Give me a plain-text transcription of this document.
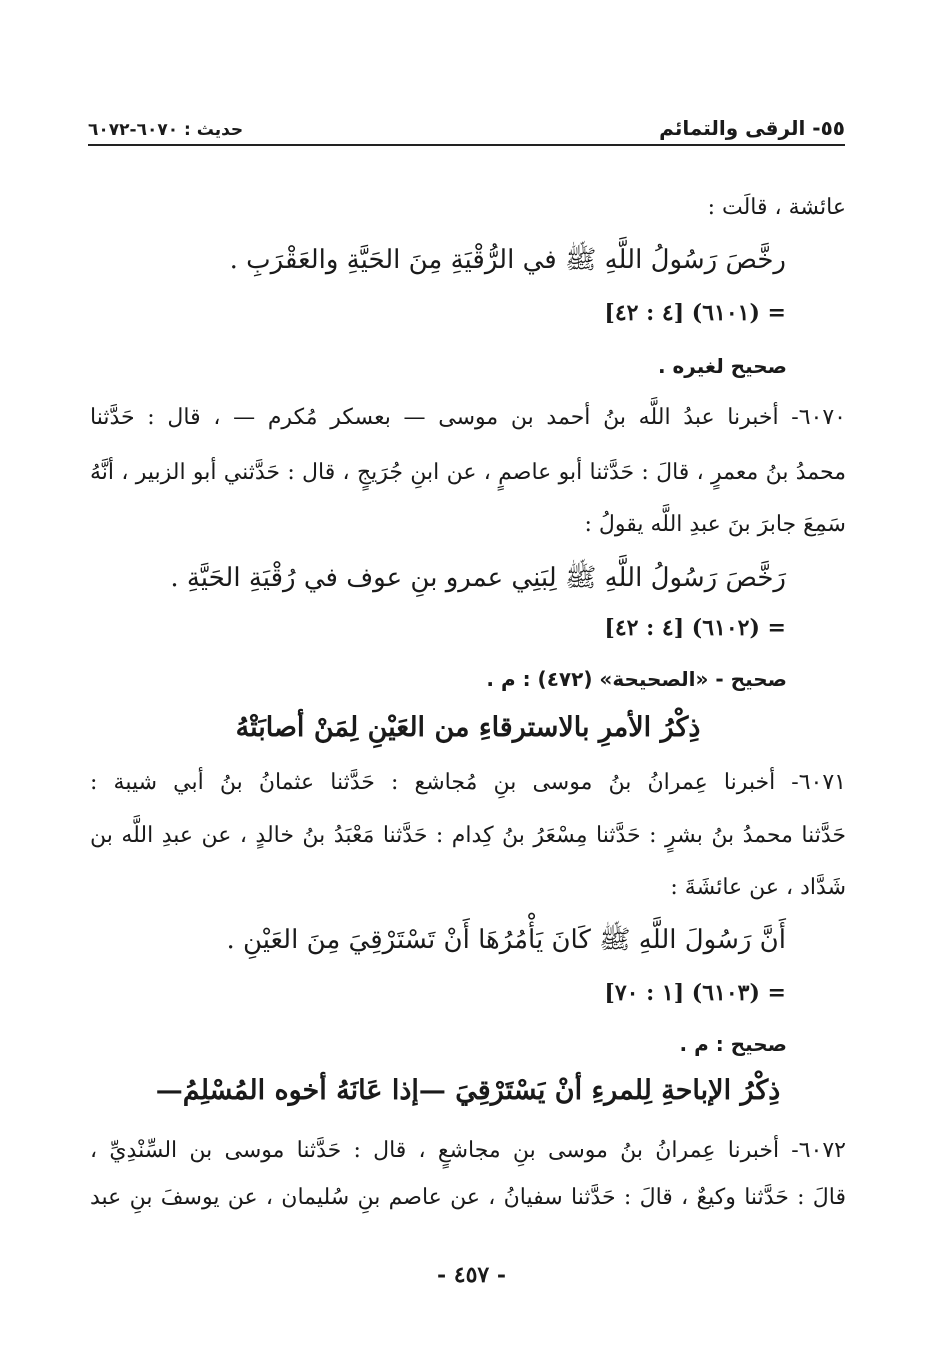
٥٥- الرقى والتمائم
حديث : ٦٠٧٠-٦٠٧٢
عائشة ، قالَت :
رخَّصَ رَسُولُ اللَّهِ ﷺ في الرُّقْيَةِ مِنَ الحَيَّةِ والعَقْرَبِ .
= (٦١٠١) [٤ : ٤٢]
صحيح لغيره .
٦٠٧٠- أخبرنا عبدُ اللَّه بنُ أحمد بن موسى — بعسكر مُكرم — ، قال : حَدَّثنا
محمدُ بنُ معمرٍ ، قالَ : حَدَّثنا أبو عاصمٍ ، عن ابنِ جُرَيجٍ ، قال : حَدَّثني أبو الزبير ، أنَّهُ
سَمِعَ جابرَ بنَ عبدِ اللَّه يقولُ :
رَخَّصَ رَسُولُ اللَّهِ ﷺ لِبَنِي عمرو بنِ عوف في رُقْيَةِ الحَيَّةِ .
= (٦١٠٢) [٤ : ٤٢]
صحيح - «الصحيحة» (٤٧٢) : م .
ذِكْرُ الأمرِ بالاسترقاءِ من العَيْنِ لِمَنْ أصابَتْهُ
٦٠٧١- أخبرنا عِمرانُ بنُ موسى بنِ مُجاشع : حَدَّثنا عثمانُ بنُ أبي شيبة :
حَدَّثنا محمدُ بنُ بشرٍ : حَدَّثنا مِسْعَرُ بنُ كِدام : حَدَّثنا مَعْبَدُ بنُ خالدٍ ، عن عبدِ اللَّه بن
شَدَّاد ، عن عائشَةَ :
أَنَّ رَسُولَ اللَّهِ ﷺ كَانَ يَأْمُرُهَا أَنْ تَسْتَرْقِيَ مِنَ العَيْنِ .
= (٦١٠٣) [١ : ٧٠]
صحيح : م .
ذِكْرُ الإباحةِ لِلمرءِ أنْ يَسْتَرْقِيَ —إذا عَانَهُ أخوه المُسْلِمُ—
٦٠٧٢- أخبرنا عِمرانُ بنُ موسى بنِ مجاشعٍ ، قال : حَدَّثنا موسى بن السِّنْدِيِّ ،
قالَ : حَدَّثنا وكيعٌ ، قالَ : حَدَّثنا سفيانُ ، عن عاصم بنِ سُليمان ، عن يوسفَ بنِ عبد
- ٤٥٧ -
